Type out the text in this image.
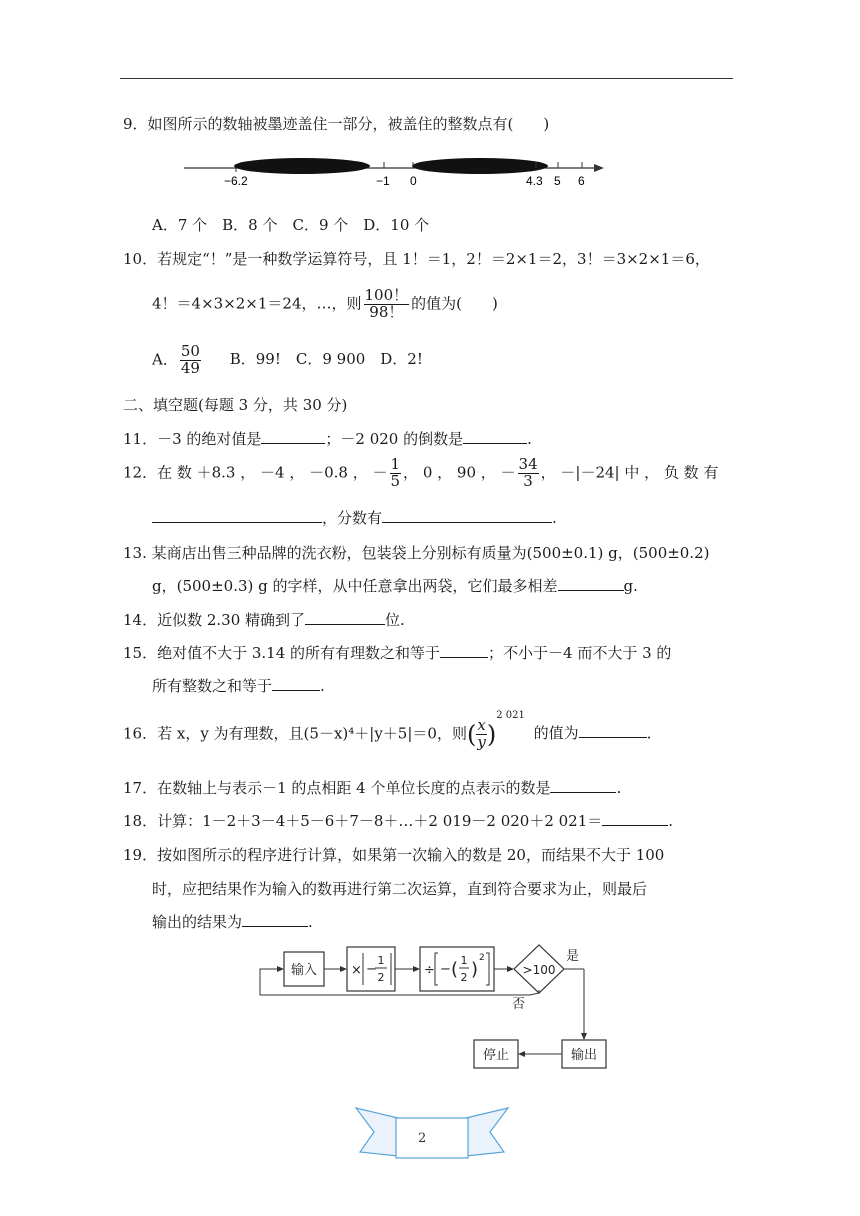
9．如图所示的数轴被墨迹盖住一部分，被盖住的整数点有(　　)
−6.2	−1 0	4.3 5 6
A．7 个　B．8 个　C．9 个　D．10 个
10．若规定“！”是一种数学运算符号，且 1！＝1，2！＝2×1＝2，3！＝3×2×1＝6，
4！＝4×3×2×1＝24，…，则 $\frac{100!}{98!}$ 的值为(　　)
A． $\frac{50}{49}$ B．99!　C．9 900　D．2!
二、填空题(每题 3 分，共 30 分)
11．－3 的绝对值是	；－2 020 的倒数是	.
12．在 数 ＋8.3 ， －4 ， －0.8 ， － $\frac{1}{5}$ ， 0 ， 90 ， － $\frac{34}{3}$ ， －|－24| 中 ， 负 数 有
，分数有	.
13. 某商店出售三种品牌的洗衣粉，包装袋上分别标有质量为(500±0.1) g，(500±0.2)
g，(500±0.3) g 的字样，从中任意拿出两袋，它们最多相差	g.
14．近似数 2.30 精确到了	位.
15．绝对值不大于 3.14 的所有有理数之和等于	；不小于－4 而不大于 3 的
所有整数之和等于	.
16．若 x，y 为有理数，且(5－x)⁴＋|y＋5|＝0，则( $\frac{x}{y} )^{2 021}$ 的值为	.
17．在数轴上与表示－1 的点相距 4 个单位长度的点表示的数是	.
18．计算：1－2＋3－4＋5－6＋7－8＋…＋2 019－2 020＋2 021＝	.
19．按如图所示的程序进行计算，如果第一次输入的数是 20，而结果不大于 100
时，应把结果作为输入的数再进行第二次运算，直到符合要求为止，则最后
输出的结果为	.
输入	× −
1
2	÷ − ( 1
2 )
2
>100
是
否
输出
停止
2
